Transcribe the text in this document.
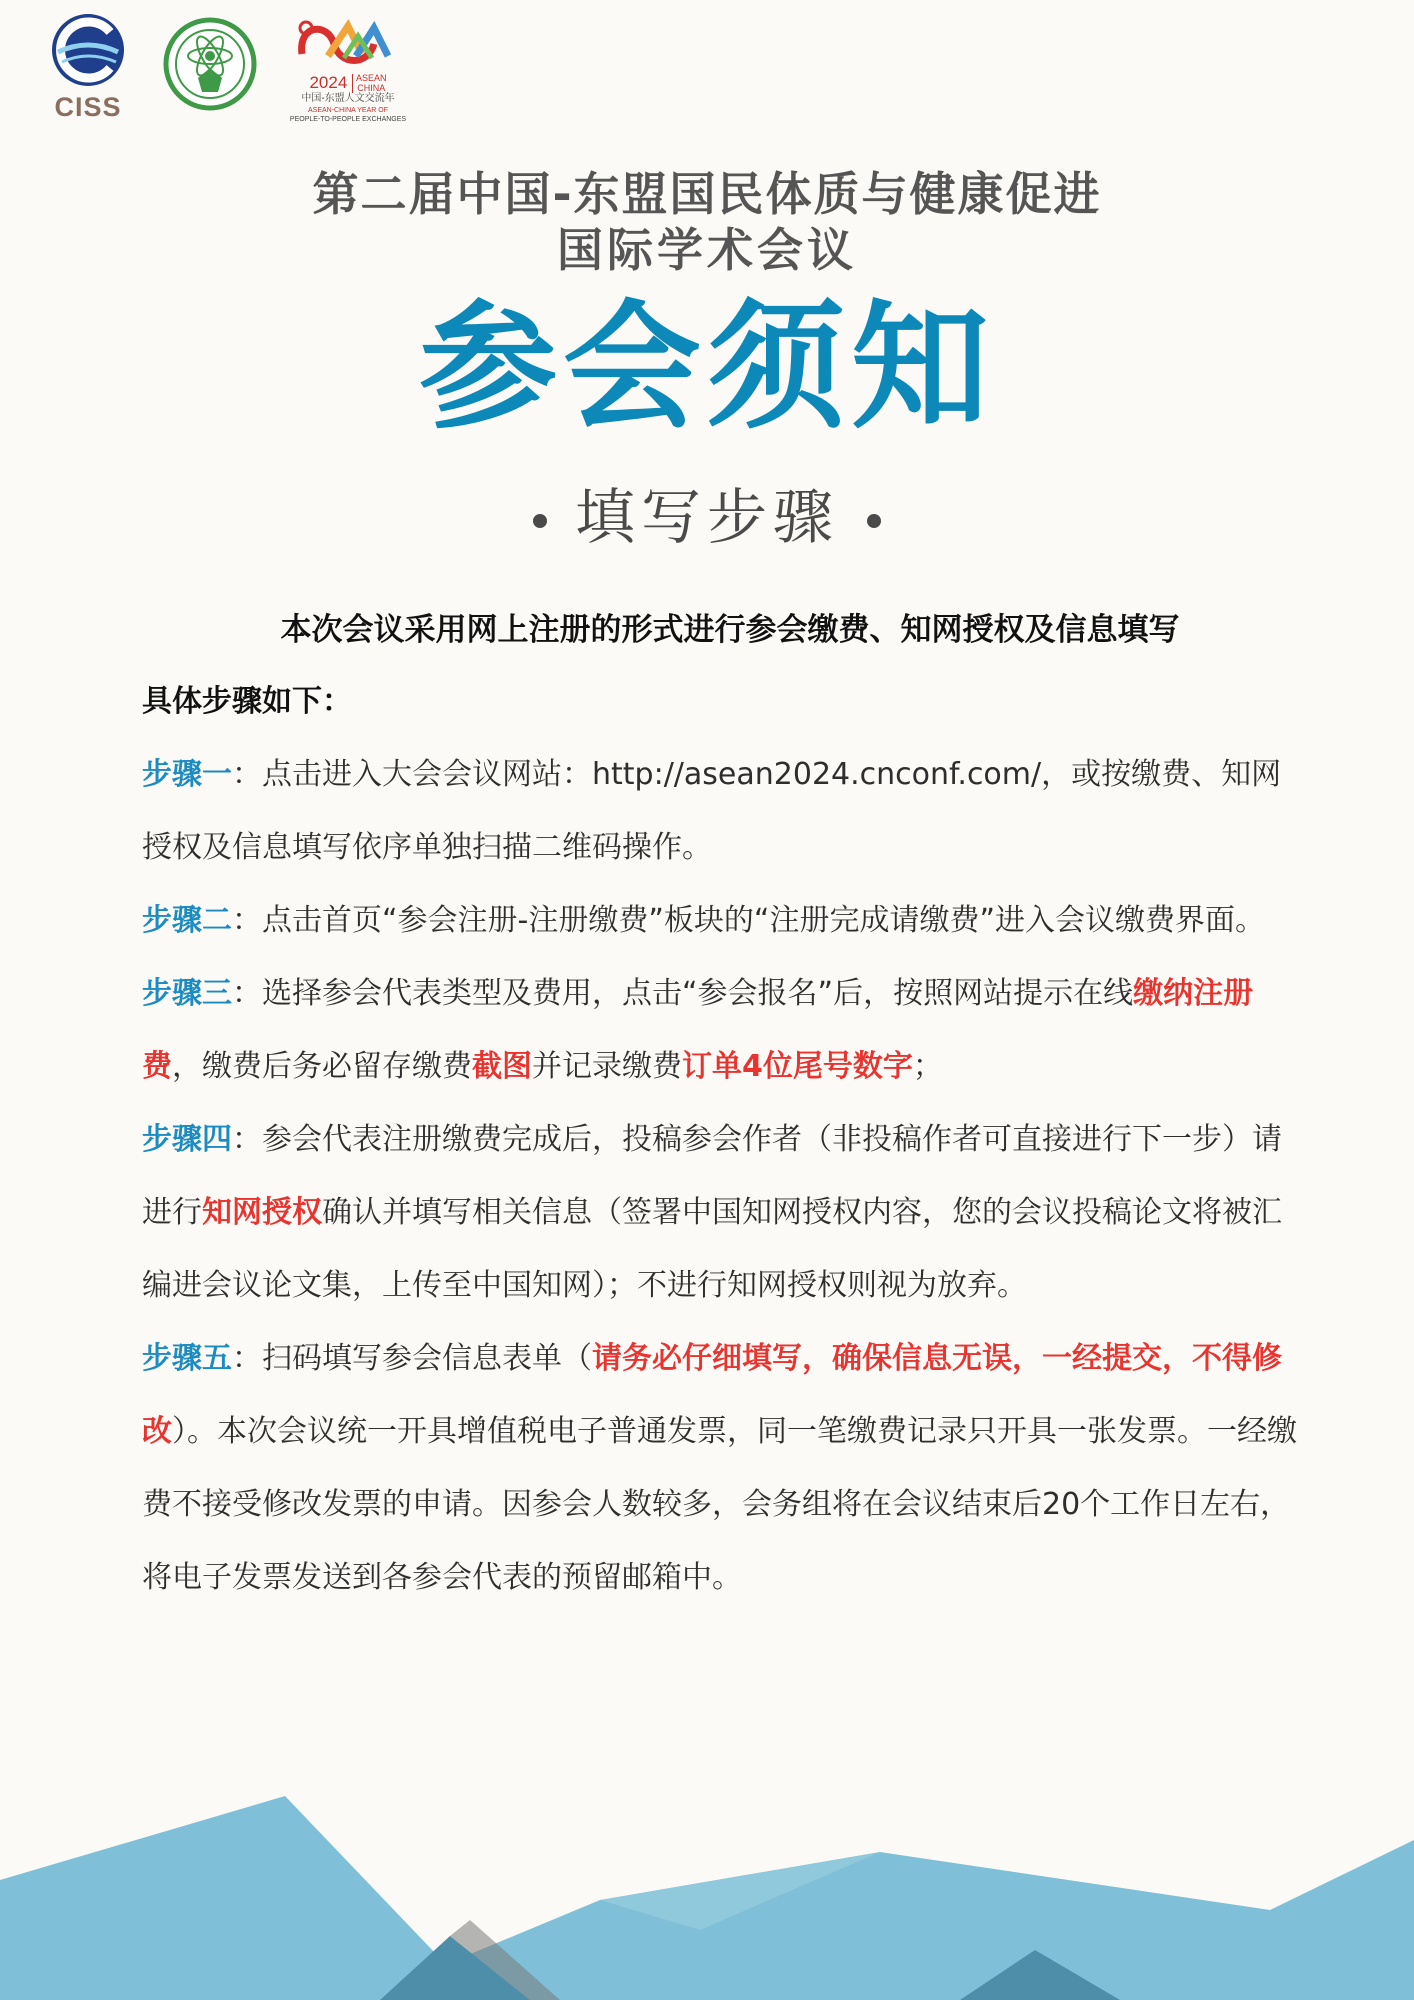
CISS
2024 ASEAN
CHINA
中国-东盟人文交流年
ASEAN-CHINA YEAR OF
PEOPLE-TO-PEOPLE EXCHANGES
第二届中国-东盟国民体质与健康促进
国际学术会议
参会须知
填写步骤
本次会议采用网上注册的形式进行参会缴费、知网授权及信息填写
具体步骤如下：

步骤一：点击进入大会会议网站：http://asean2024.cnconf.com/，或按缴费、知网授权及信息填写依序单独扫描二维码操作。

步骤二：点击首页“参会注册-注册缴费”板块的“注册完成请缴费”进入会议缴费界面。

步骤三：选择参会代表类型及费用，点击“参会报名”后，按照网站提示在线缴纳注册费，缴费后务必留存缴费截图并记录缴费订单4位尾号数字；

步骤四：参会代表注册缴费完成后，投稿参会作者（非投稿作者可直接进行下一步）请进行知网授权确认并填写相关信息（签署中国知网授权内容，您的会议投稿论文将被汇编进会议论文集，上传至中国知网）；不进行知网授权则视为放弃。

步骤五：扫码填写参会信息表单（请务必仔细填写，确保信息无误，一经提交，不得修改）。本次会议统一开具增值税电子普通发票，同一笔缴费记录只开具一张发票。一经缴费不接受修改发票的申请。因参会人数较多，会务组将在会议结束后20个工作日左右，将电子发票发送到各参会代表的预留邮箱中。
